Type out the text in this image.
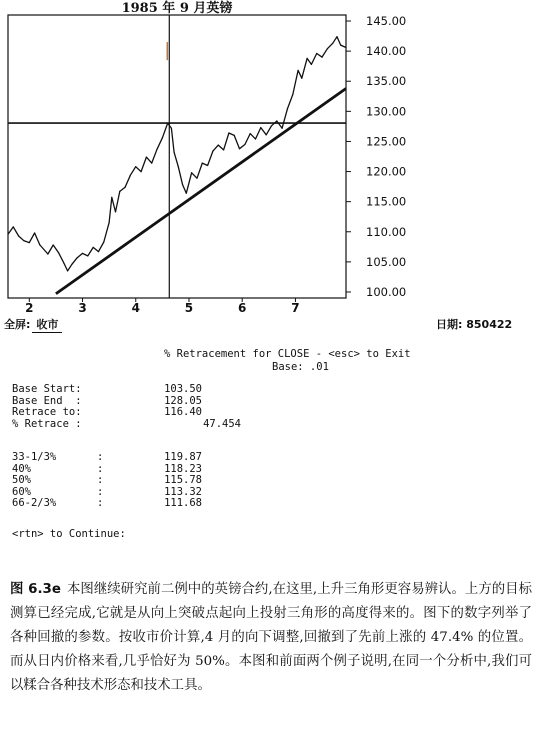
1985 年 9 月英镑
145.00
140.00
135.00
130.00
125.00
120.00
115.00
110.00
105.00
100.00
2	3	4	5	6	7
全屏: 收市	日期: 850422
% Retracement for CLOSE - <esc> to Exit
Base: .01
Base Start:		103.50	
Base End  :		128.05	
Retrace to:		116.40	
% Retrace :			47.454
33-1/3%	:	119.87
40%	:	118.23
50%	:	115.78
60%	:	113.32
66-2/3%	:	111.68
<rtn> to Continue:
图 6.3e 本图继续研究前二例中的英镑合约,在这里,上升三角形更容易辨认。上方的目标测算已经完成,它就是从向上突破点起向上投射三角形的高度得来的。图下的数字列举了各种回撤的参数。按收市价计算,4 月的向下调整,回撤到了先前上涨的 47.4% 的位置。而从日内价格来看,几乎恰好为 50%。本图和前面两个例子说明,在同一个分析中,我们可以糅合各种技术形态和技术工具。
